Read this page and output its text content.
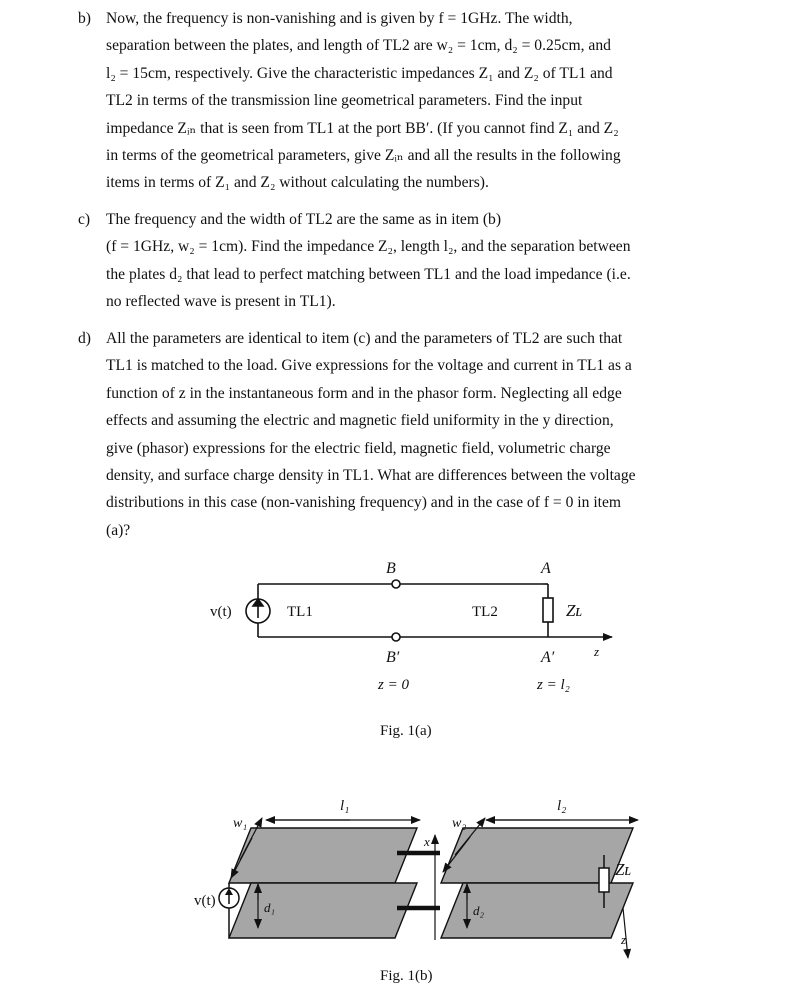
b) Now, the frequency is non-vanishing and is given by f = 1GHz. The width,
separation between the plates, and length of TL2 are w₂ = 1cm, d₂ = 0.25cm, and
l₂ = 15cm, respectively. Give the characteristic impedances Z₁ and Z₂ of TL1 and
TL2 in terms of the transmission line geometrical parameters. Find the input
impedance Zᵢₙ that is seen from TL1 at the port BB′. (If you cannot find Z₁ and Z₂
in terms of the geometrical parameters, give Zᵢₙ and all the results in the following
items in terms of Z₁ and Z₂ without calculating the numbers).
c) The frequency and the width of TL2 are the same as in item (b)
(f = 1GHz, w₂ = 1cm). Find the impedance Z₂, length l₂, and the separation between
the plates d₂ that lead to perfect matching between TL1 and the load impedance (i.e.
no reflected wave is present in TL1).
d) All the parameters are identical to item (c) and the parameters of TL2 are such that
TL1 is matched to the load. Give expressions for the voltage and current in TL1 as a
function of z in the instantaneous form and in the phasor form. Neglecting all edge
effects and assuming the electric and magnetic field uniformity in the y direction,
give (phasor) expressions for the electric field, magnetic field, volumetric charge
density, and surface charge density in TL1. What are differences between the voltage
distributions in this case (non-vanishing frequency) and in the case of f = 0 in item
(a)?
v(t)	TL1	TL2	Zʟ
B
B′
A
A′	z
z = 0	z = l₂
Fig. 1(a)
v(t)
w₁
l₁
d₁
w₂
l₂
d₂
x
Zʟ
z
Fig. 1(b)
